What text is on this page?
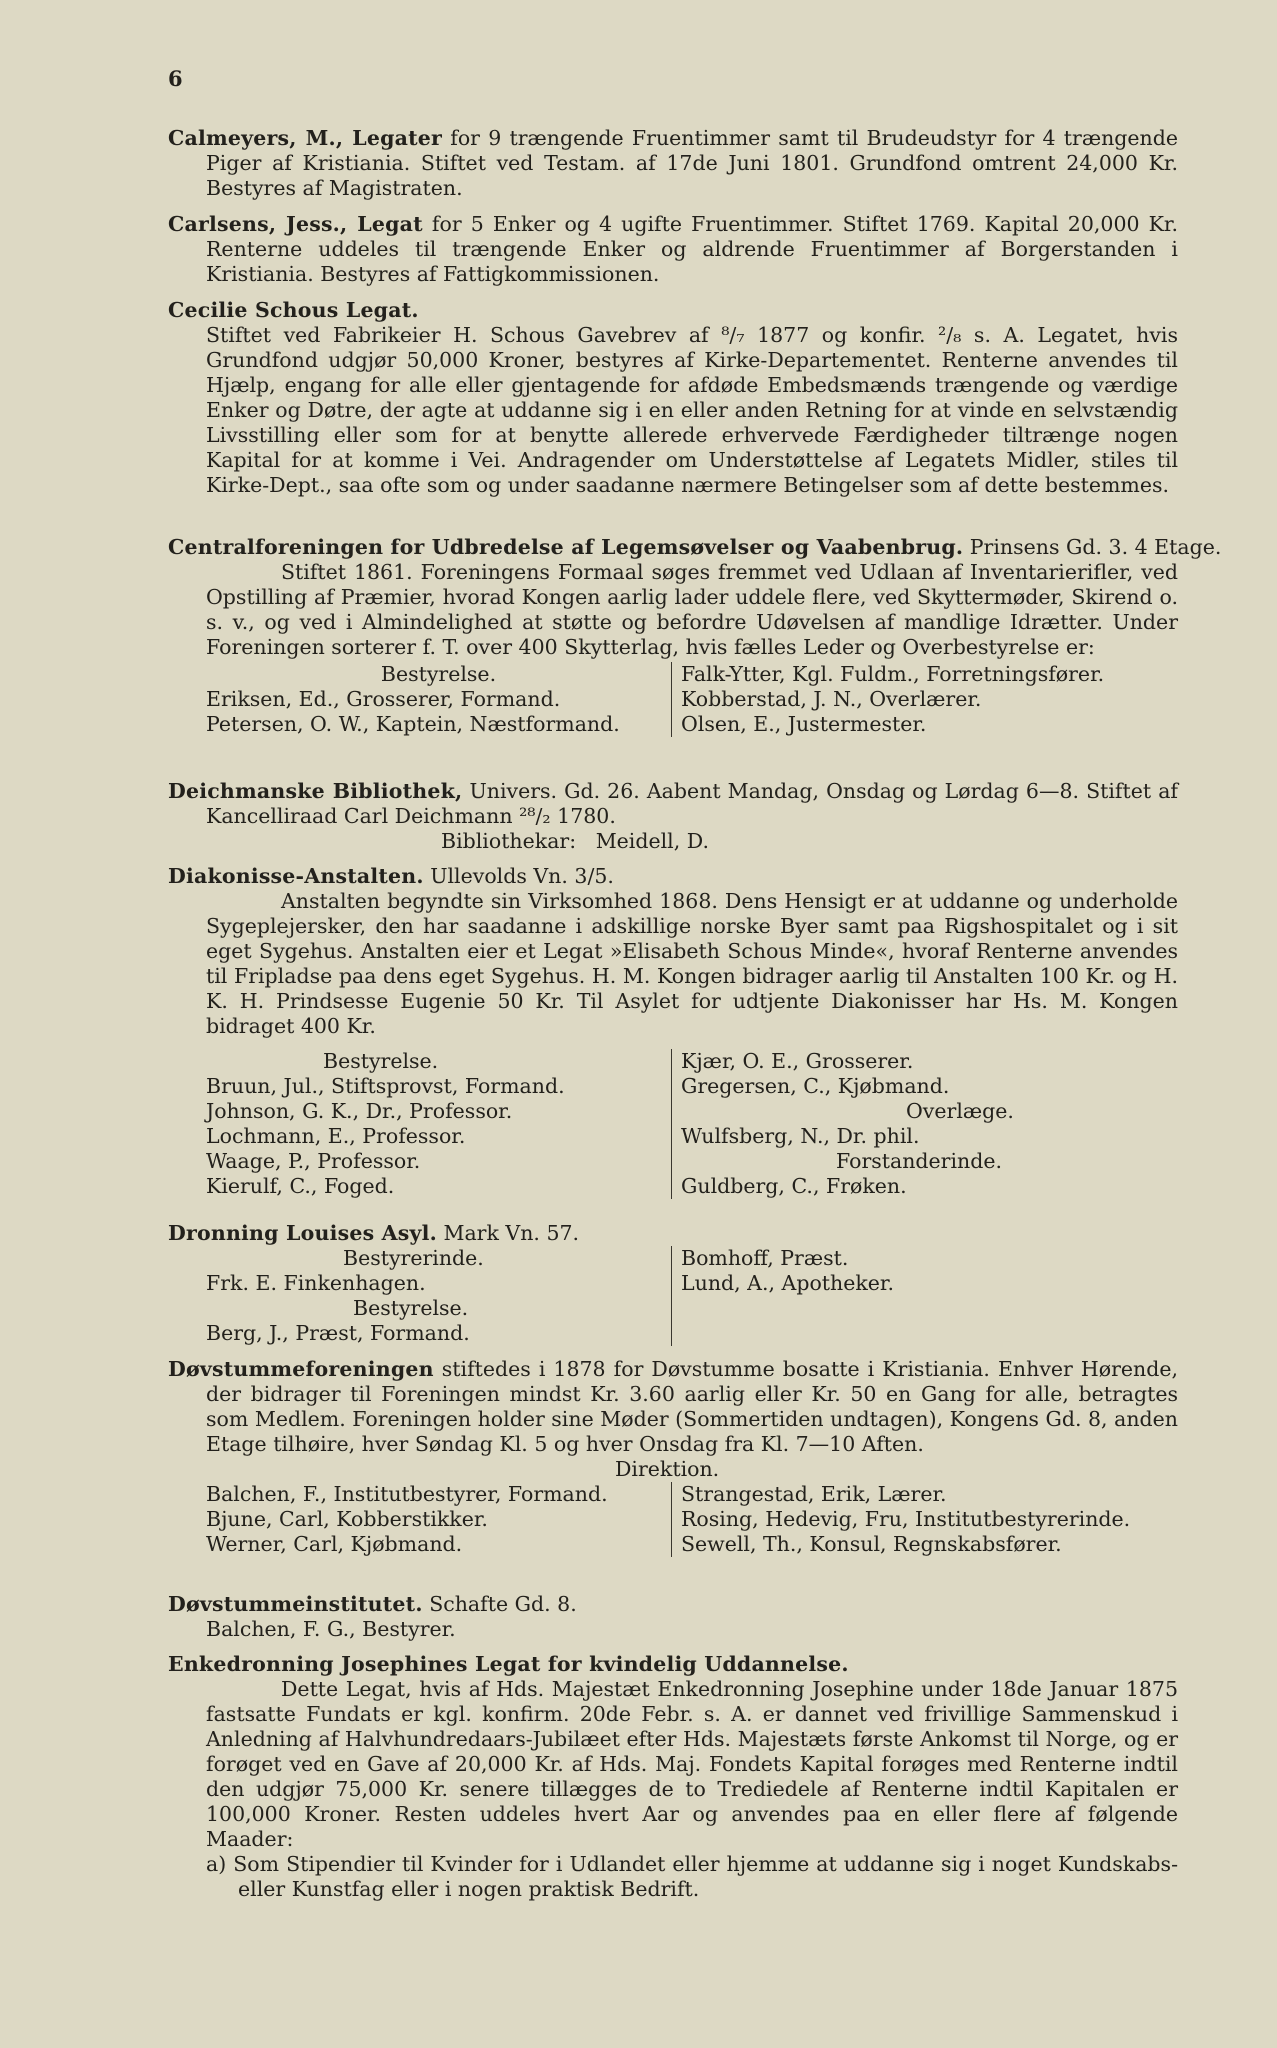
6

Calmeyers, M., Legater for 9 trængende Fruentimmer samt til Brudeudstyr for 4 trængende Piger af Kristiania. Stiftet ved Testam. af 17de Juni 1801. Grundfond omtrent 24,000 Kr. Bestyres af Magistraten.

Carlsens, Jess., Legat for 5 Enker og 4 ugifte Fruentimmer. Stiftet 1769. Kapital 20,000 Kr. Renterne uddeles til trængende Enker og aldrende Fruentimmer af Borgerstanden i Kristiania. Bestyres af Fattigkommissionen.

Cecilie Schous Legat.

Stiftet ved Fabrikeier H. Schous Gavebrev af ⁸/₇ 1877 og konfir. ²/₈ s. A. Legatet, hvis Grundfond udgjør 50,000 Kroner, bestyres af Kirke-Departementet. Renterne anvendes til Hjælp, engang for alle eller gjentagende for afdøde Embedsmænds trængende og værdige Enker og Døtre, der agte at uddanne sig i en eller anden Retning for at vinde en selvstændig Livsstilling eller som for at benytte allerede erhvervede Færdigheder tiltrænge nogen Kapital for at komme i Vei. Andragender om Understøttelse af Legatets Midler, stiles til Kirke-Dept., saa ofte som og under saadanne nærmere Betingelser som af dette bestemmes.

Centralforeningen for Udbredelse af Legemsøvelser og Vaabenbrug. Prinsens Gd. 3. 4 Etage.

Stiftet 1861. Foreningens Formaal søges fremmet ved Udlaan af Inventarierifler, ved Opstilling af Præmier, hvorad Kongen aarlig lader uddele flere, ved Skyttermøder, Skirend o. s. v., og ved i Almindelighed at støtte og befordre Udøvelsen af mandlige Idrætter. Under Foreningen sorterer f. T. over 400 Skytterlag, hvis fælles Leder og Overbestyrelse er:

Bestyrelse.
Eriksen, Ed., Grosserer, Formand.
Petersen, O. W., Kaptein, Næstformand.
Falk-Ytter, Kgl. Fuldm., Forretningsfører.
Kobberstad, J. N., Overlærer.
Olsen, E., Justermester.

Deichmanske Bibliothek, Univers. Gd. 26. Aabent Mandag, Onsdag og Lørdag 6—8. Stiftet af Kancelliraad Carl Deichmann ²⁸/₂ 1780.

Bibliothekar: Meidell, D.

Diakonisse-Anstalten. Ullevolds Vn. 3/5.

Anstalten begyndte sin Virksomhed 1868. Dens Hensigt er at uddanne og underholde Sygeplejersker, den har saadanne i adskillige norske Byer samt paa Rigshospitalet og i sit eget Sygehus. Anstalten eier et Legat »Elisabeth Schous Minde«, hvoraf Renterne anvendes til Fripladse paa dens eget Sygehus. H. M. Kongen bidrager aarlig til Anstalten 100 Kr. og H. K. H. Prindsesse Eugenie 50 Kr. Til Asylet for udtjente Diakonisser har Hs. M. Kongen bidraget 400 Kr.

Bestyrelse.
Bruun, Jul., Stiftsprovst, Formand.
Johnson, G. K., Dr., Professor.
Lochmann, E., Professor.
Waage, P., Professor.
Kierulf, C., Foged.
Kjær, O. E., Grosserer.
Gregersen, C., Kjøbmand.
Overlæge.
Wulfsberg, N., Dr. phil.
Forstanderinde.
Guldberg, C., Frøken.

Dronning Louises Asyl. Mark Vn. 57.

Bestyrerinde.
Frk. E. Finkenhagen.
Bestyrelse.
Berg, J., Præst, Formand.
Bomhoff, Præst.
Lund, A., Apotheker.

Døvstummeforeningen stiftedes i 1878 for Døvstumme bosatte i Kristiania. Enhver Hørende, der bidrager til Foreningen mindst Kr. 3.60 aarlig eller Kr. 50 en Gang for alle, betragtes som Medlem. Foreningen holder sine Møder (Sommertiden undtagen), Kongens Gd. 8, anden Etage tilhøire, hver Søndag Kl. 5 og hver Onsdag fra Kl. 7—10 Aften.

Direktion.
Balchen, F., Institutbestyrer, Formand.
Bjune, Carl, Kobberstikker.
Werner, Carl, Kjøbmand.
Strangestad, Erik, Lærer.
Rosing, Hedevig, Fru, Institutbestyrerinde.
Sewell, Th., Konsul, Regnskabsfører.

Døvstummeinstitutet. Schafte Gd. 8.

Balchen, F. G., Bestyrer.

Enkedronning Josephines Legat for kvindelig Uddannelse.

Dette Legat, hvis af Hds. Majestæt Enkedronning Josephine under 18de Januar 1875 fastsatte Fundats er kgl. konfirm. 20de Febr. s. A. er dannet ved frivillige Sammenskud i Anledning af Halvhundredaars-Jubilæet efter Hds. Majestæts første Ankomst til Norge, og er forøget ved en Gave af 20,000 Kr. af Hds. Maj. Fondets Kapital forøges med Renterne indtil den udgjør 75,000 Kr. senere tillægges de to Trediedele af Renterne indtil Kapitalen er 100,000 Kroner. Resten uddeles hvert Aar og anvendes paa en eller flere af følgende Maader:

a) Som Stipendier til Kvinder for i Udlandet eller hjemme at uddanne sig i noget Kundskabs- eller Kunstfag eller i nogen praktisk Bedrift.
